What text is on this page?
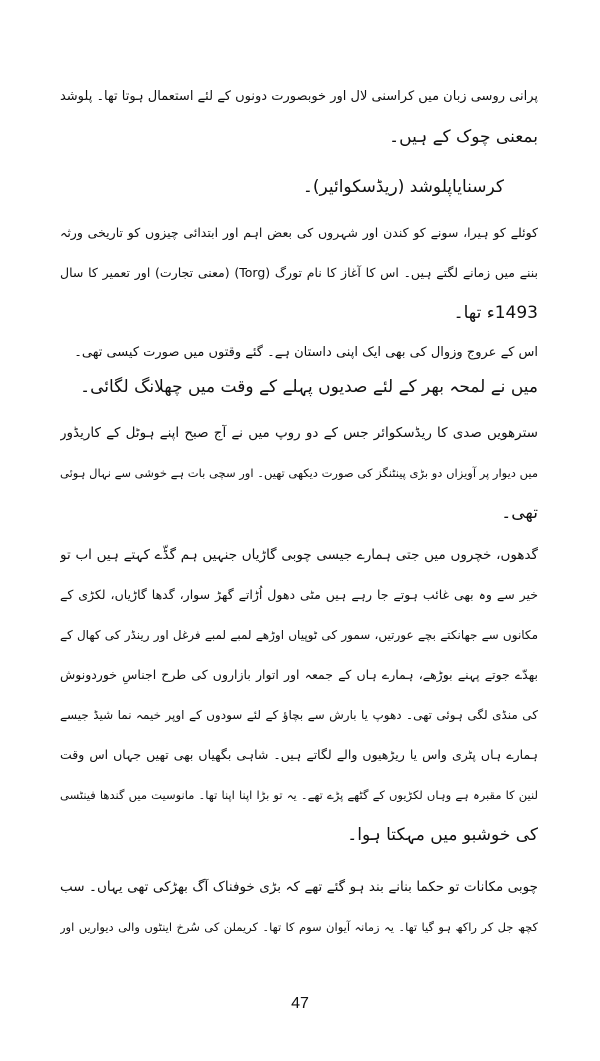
پرانی روسی زبان میں کراسنی لال اور خوبصورت دونوں کے لئے استعمال ہوتا تھا۔ پلوشد
بمعنی چوک کے ہیں۔
کرسنایاپلوشد (ریڈسکوائیر)۔
کوئلے کو ہیرا، سونے کو کندن اور شہروں کی بعض اہم اور ابتدائی چیزوں کو تاریخی ورثہ
بننے میں زمانے لگتے ہیں۔ اس کا آغاز کا نام تورگ (Torg) (معنی تجارت) اور تعمیر کا سال
1493ء تھا۔
اس کے عروج وزوال کی بھی ایک اپنی داستان ہے۔ گئے وقتوں میں صورت کیسی تھی۔
میں نے لمحہ بھر کے لئے صدیوں پہلے کے وقت میں چھلانگ لگائی۔
سترھویں صدی کا ریڈسکوائر جس کے دو روپ میں نے آج صبح اپنے ہوٹل کے کاریڈور
میں دیوار پر آویزاں دو بڑی پینٹنگز کی صورت دیکھی تھیں۔ اور سچی بات ہے خوشی سے نہال ہوئی
تھی۔
گدھوں، خچروں میں جتی ہمارے جیسی چوبی گاڑیاں جنہیں ہم گڈّے کہتے ہیں اب تو
خیر سے وہ بھی غائب ہوتے جا رہے ہیں مٹی دھول اُڑاتے گھڑ سوار، گدھا گاڑیاں، لکڑی کے
مکانوں سے جھانکتے بچے عورتیں، سمور کی ٹوپیاں اوڑھے لمبے لمبے فرغل اور رینڈر کی کھال کے
بھدّے جوتے پہنے بوڑھے، ہمارے ہاں کے جمعہ اور اتوار بازاروں کی طرح اجناسِ خوردونوش
کی منڈی لگی ہوئی تھی۔ دھوپ یا بارش سے بچاؤ کے لئے سودوں کے اوپر خیمہ نما شیڈ جیسے
ہمارے ہاں پٹری واس یا ریڑھیوں والے لگاتے ہیں۔ شاہی بگھیاں بھی تھیں جہاں اس وقت
لنین کا مقبرہ ہے وہاں لکڑیوں کے گٹھے پڑے تھے۔ یہ تو بڑا اپنا اپنا تھا۔ مانوسیت میں گندھا فینٹسی
کی خوشبو میں مہکتا ہوا۔
چوبی مکانات تو حکما بنانے بند ہو گئے تھے کہ بڑی خوفناک آگ بھڑکی تھی یہاں۔ سب
کچھ جل کر راکھ ہو گیا تھا۔ یہ زمانہ آیوان سوم کا تھا۔ کریملن کی سُرخ اینٹوں والی دیواریں اور
47
